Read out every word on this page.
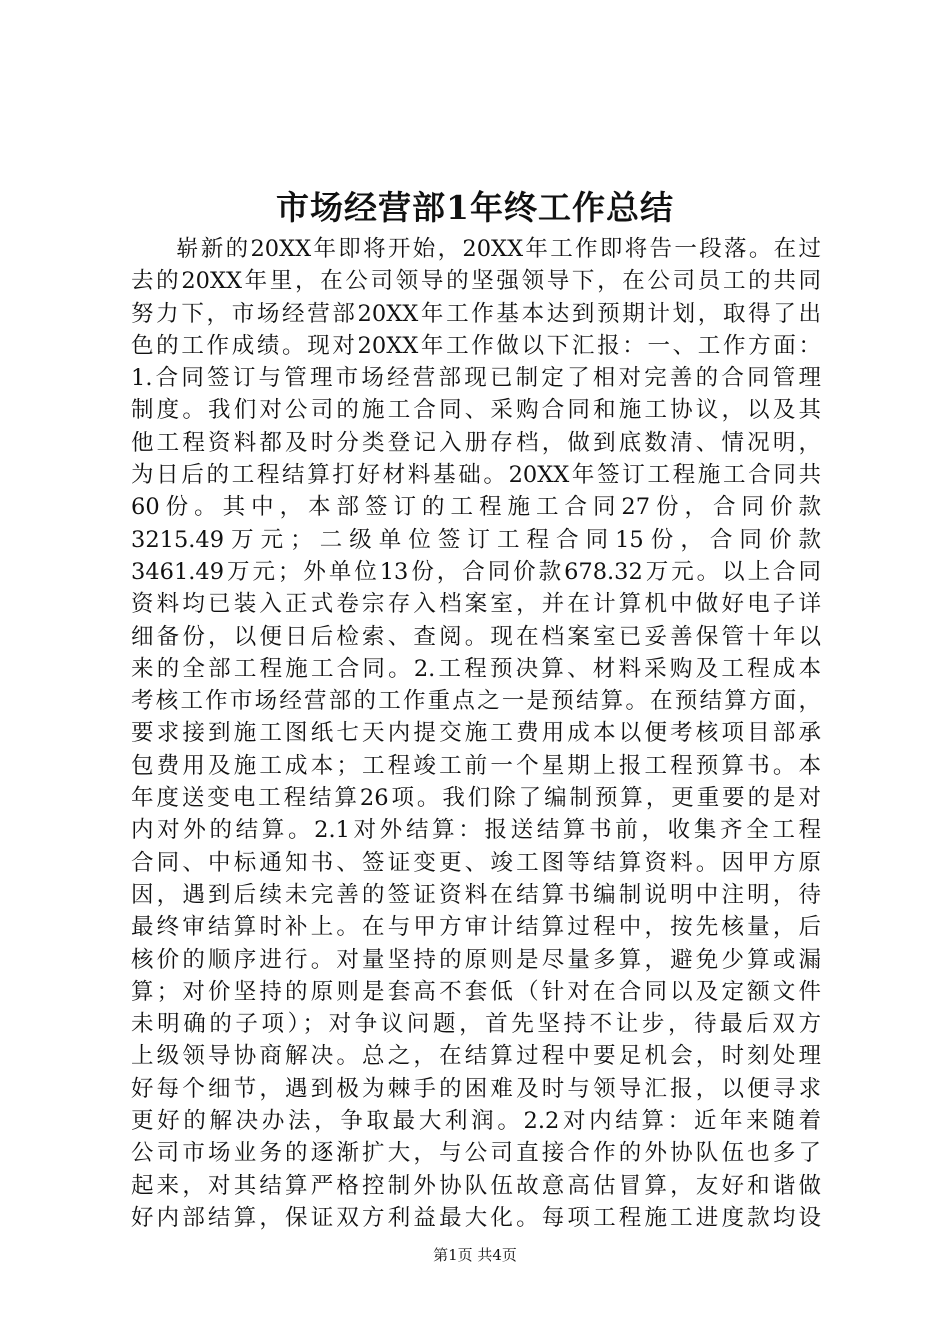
市场经营部1年终工作总结
崭新的20XX年即将开始，20XX年工作即将告一段落。在过
去的20XX年里，在公司领导的坚强领导下，在公司员工的共同
努力下，市场经营部20XX年工作基本达到预期计划，取得了出
色的工作成绩。现对20XX年工作做以下汇报：一、工作方面：
1.合同签订与管理市场经营部现已制定了相对完善的合同管理
制度。我们对公司的施工合同、采购合同和施工协议，以及其
他工程资料都及时分类登记入册存档，做到底数清、情况明，
为日后的工程结算打好材料基础。20XX年签订工程施工合同共
60份。其中，本部签订的工程施工合同27份，合同价款
3215.49万元；二级单位签订工程合同15份，合同价款
3461.49万元；外单位13份，合同价款678.32万元。以上合同
资料均已装入正式卷宗存入档案室，并在计算机中做好电子详
细备份，以便日后检索、查阅。现在档案室已妥善保管十年以
来的全部工程施工合同。2.工程预决算、材料采购及工程成本
考核工作市场经营部的工作重点之一是预结算。在预结算方面，
要求接到施工图纸七天内提交施工费用成本以便考核项目部承
包费用及施工成本；工程竣工前一个星期上报工程预算书。本
年度送变电工程结算26项。我们除了编制预算，更重要的是对
内对外的结算。2.1对外结算：报送结算书前，收集齐全工程
合同、中标通知书、签证变更、竣工图等结算资料。因甲方原
因，遇到后续未完善的签证资料在结算书编制说明中注明，待
最终审结算时补上。在与甲方审计结算过程中，按先核量，后
核价的顺序进行。对量坚持的原则是尽量多算，避免少算或漏
算；对价坚持的原则是套高不套低（针对在合同以及定额文件
未明确的子项）；对争议问题，首先坚持不让步，待最后双方
上级领导协商解决。总之，在结算过程中要足机会，时刻处理
好每个细节，遇到极为棘手的困难及时与领导汇报，以便寻求
更好的解决办法，争取最大利润。2.2对内结算：近年来随着
公司市场业务的逐渐扩大，与公司直接合作的外协队伍也多了
起来，对其结算严格控制外协队伍故意高估冒算，友好和谐做
好内部结算，保证双方利益最大化。每项工程施工进度款均设
第1页 共4页
